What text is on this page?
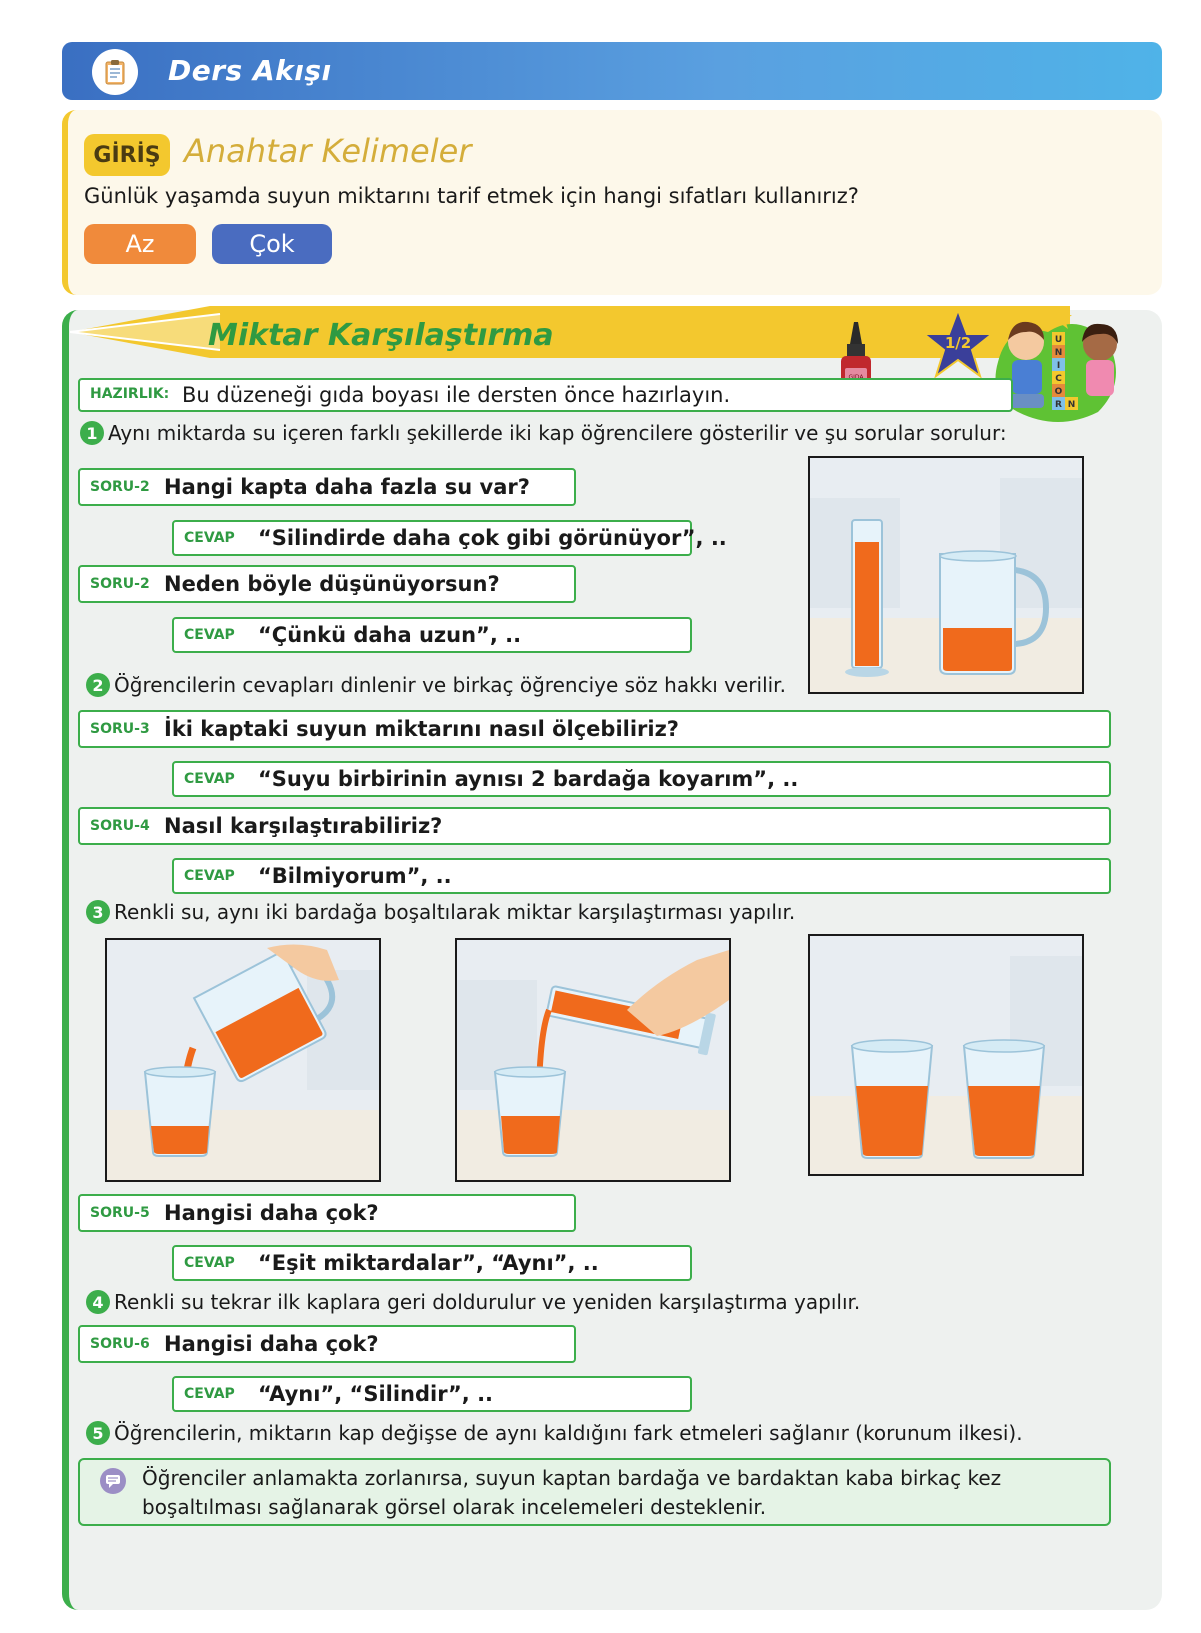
Ders Akışı
GİRİŞ Anahtar Kelimeler
Günlük yaşamda suyun miktarını tarif etmek için hangi sıfatları kullanırız?
Az	Çok
Miktar Karşılaştırma	1/2	U
N
I
C
O
R N
HAZIRLIK: Bu düzeneği gıda boyası ile dersten önce hazırlayın.
1 Aynı miktarda su içeren farklı şekillerde iki kap öğrencilere gösterilir ve şu sorular sorulur:
SORU-2 Hangi kapta daha fazla su var?
CEVAP “Silindirde daha çok gibi görünüyor”, ..
SORU-2 Neden böyle düşünüyorsun?
CEVAP “Çünkü daha uzun”, ..
2 Öğrencilerin cevapları dinlenir ve birkaç öğrenciye söz hakkı verilir.
SORU-3 İki kaptaki suyun miktarını nasıl ölçebiliriz?
CEVAP “Suyu birbirinin aynısı 2 bardağa koyarım”, ..
SORU-4 Nasıl karşılaştırabiliriz?
CEVAP “Bilmiyorum”, ..
3 Renkli su, aynı iki bardağa boşaltılarak miktar karşılaştırması yapılır.
SORU-5 Hangisi daha çok?
CEVAP “Eşit miktardalar”, “Aynı”, ..
4 Renkli su tekrar ilk kaplara geri doldurulur ve yeniden karşılaştırma yapılır.
SORU-6 Hangisi daha çok?
CEVAP “Aynı”, “Silindir”, ..
5 Öğrencilerin, miktarın kap değişse de aynı kaldığını fark etmeleri sağlanır (korunum ilkesi).
Öğrenciler anlamakta zorlanırsa, suyun kaptan bardağa ve bardaktan kaba birkaç kez boşaltılması sağlanarak görsel olarak incelemeleri desteklenir.
